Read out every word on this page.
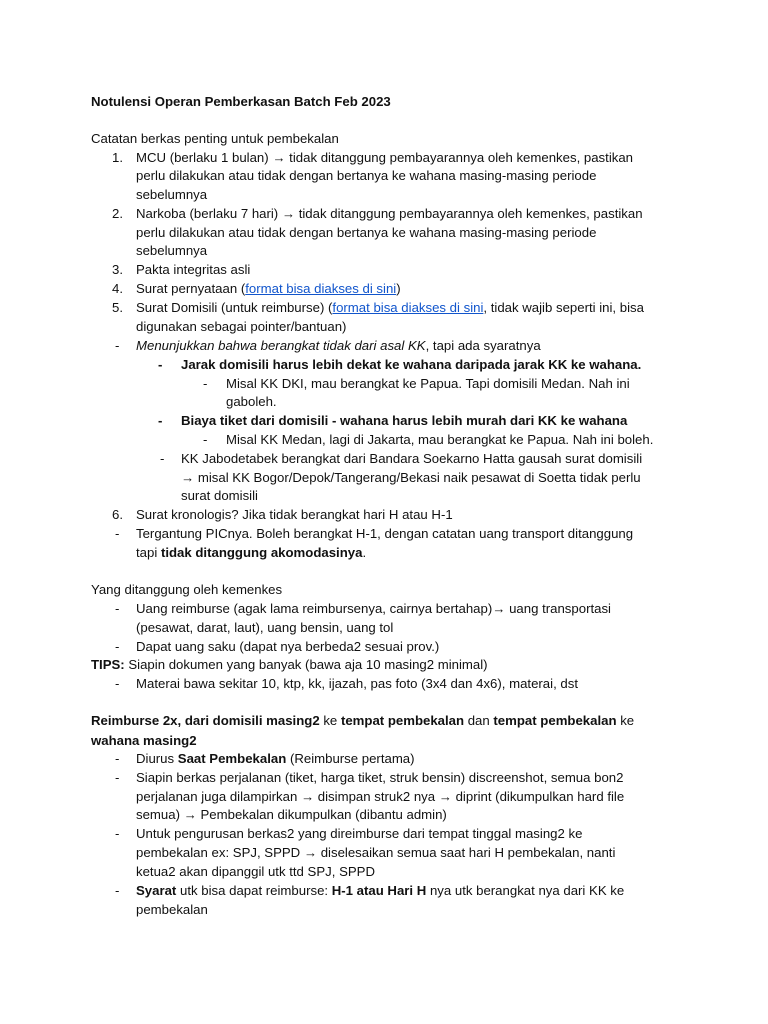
Notulensi Operan Pemberkasan Batch Feb 2023
Catatan berkas penting untuk pembekalan
1. MCU (berlaku 1 bulan) → tidak ditanggung pembayarannya oleh kemenkes, pastikan
perlu dilakukan atau tidak dengan bertanya ke wahana masing-masing periode
sebelumnya
2. Narkoba (berlaku 7 hari) → tidak ditanggung pembayarannya oleh kemenkes, pastikan
perlu dilakukan atau tidak dengan bertanya ke wahana masing-masing periode
sebelumnya
3. Pakta integritas asli
4. Surat pernyataan (format bisa diakses di sini)
5. Surat Domisili (untuk reimburse) (format bisa diakses di sini, tidak wajib seperti ini, bisa
digunakan sebagai pointer/bantuan)
- Menunjukkan bahwa berangkat tidak dari asal KK, tapi ada syaratnya
- Jarak domisili harus lebih dekat ke wahana daripada jarak KK ke wahana.
- Misal KK DKI, mau berangkat ke Papua. Tapi domisili Medan. Nah ini
gaboleh.
- Biaya tiket dari domisili - wahana harus lebih murah dari KK ke wahana
- Misal KK Medan, lagi di Jakarta, mau berangkat ke Papua. Nah ini boleh.
- KK Jabodetabek berangkat dari Bandara Soekarno Hatta gausah surat domisili
→ misal KK Bogor/Depok/Tangerang/Bekasi naik pesawat di Soetta tidak perlu
surat domisili
6. Surat kronologis? Jika tidak berangkat hari H atau H-1
- Tergantung PICnya. Boleh berangkat H-1, dengan catatan uang transport ditanggung
tapi tidak ditanggung akomodasinya.
Yang ditanggung oleh kemenkes
- Uang reimburse (agak lama reimbursenya, cairnya bertahap)→ uang transportasi
(pesawat, darat, laut), uang bensin, uang tol
- Dapat uang saku (dapat nya berbeda2 sesuai prov.)
TIPS: Siapin dokumen yang banyak (bawa aja 10 masing2 minimal)
- Materai bawa sekitar 10, ktp, kk, ijazah, pas foto (3x4 dan 4x6), materai, dst
Reimburse 2x, dari domisili masing2 ke tempat pembekalan dan tempat pembekalan ke
wahana masing2
- Diurus Saat Pembekalan (Reimburse pertama)
- Siapin berkas perjalanan (tiket, harga tiket, struk bensin) discreenshot, semua bon2
perjalanan juga dilampirkan → disimpan struk2 nya → diprint (dikumpulkan hard file
semua) → Pembekalan dikumpulkan (dibantu admin)
- Untuk pengurusan berkas2 yang direimburse dari tempat tinggal masing2 ke
pembekalan ex: SPJ, SPPD → diselesaikan semua saat hari H pembekalan, nanti
ketua2 akan dipanggil utk ttd SPJ, SPPD
- Syarat utk bisa dapat reimburse: H-1 atau Hari H nya utk berangkat nya dari KK ke
pembekalan
